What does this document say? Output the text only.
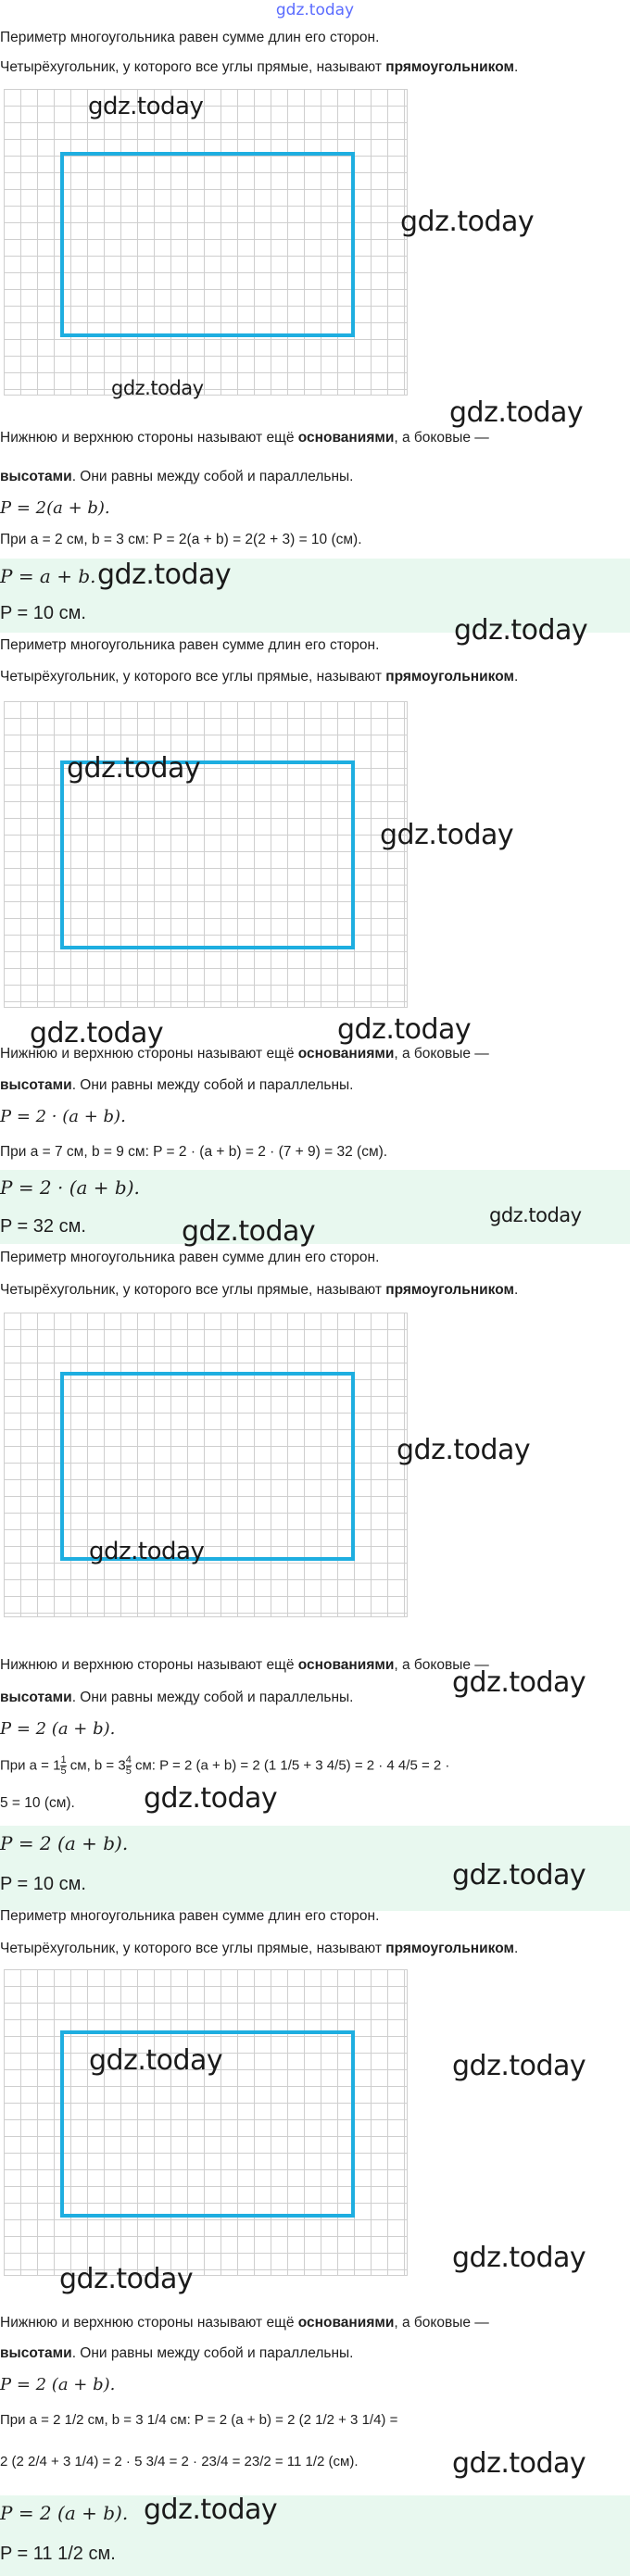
gdz.today
Периметр многоугольника равен сумме длин его сторон.
Четырёхугольник, у которого все углы прямые, называют прямоугольником.
gdz.today
gdz.today
gdz.today
gdz.today
Нижнюю и верхнюю стороны называют ещё основаниями, а боковые —
высотами. Они равны между собой и параллельны.
P = 2(a + b).
При a = 2 см, b = 3 см: P = 2(a + b) = 2(2 + 3) = 10 (см).
P = a + b.
P = 10 см.
gdz.today
gdz.today
Периметр многоугольника равен сумме длин его сторон.
Четырёхугольник, у которого все углы прямые, называют прямоугольником.
gdz.today
gdz.today
gdz.today	gdz.today
Нижнюю и верхнюю стороны называют ещё основаниями, а боковые —
высотами. Они равны между собой и параллельны.
P = 2 · (a + b).
При a = 7 см, b = 9 см: P = 2 · (a + b) = 2 · (7 + 9) = 32 (см).
P = 2 · (a + b).
P = 32 см.	gdz.today	gdz.today
Периметр многоугольника равен сумме длин его сторон.
Четырёхугольник, у которого все углы прямые, называют прямоугольником.
gdz.today
gdz.today
Нижнюю и верхнюю стороны называют ещё основаниями, а боковые —
высотами. Они равны между собой и параллельны.	gdz.today
P = 2 (a + b).
При $a = 1 \frac{1}{5}$ см, $b = 3 \frac{4}{5}$ см: P = 2 (a + b) = 2 (1 1/5 + 3 4/5) = 2 · 4 4/5 = 2 ·
5 = 10 (см). gdz.today
P = 2 (a + b).
P = 10 см.	gdz.today
Периметр многоугольника равен сумме длин его сторон.
Четырёхугольник, у которого все углы прямые, называют прямоугольником.
gdz.today	gdz.today
gdz.today
gdz.today
Нижнюю и верхнюю стороны называют ещё основаниями, а боковые —
высотами. Они равны между собой и параллельны.
P = 2 (a + b).
При a = 2 1/2 см, b = 3 1/4 см: P = 2 (a + b) = 2 (2 1/2 + 3 1/4) =
2 (2 2/4 + 3 1/4) = 2 · 5 3/4 = 2 · 23/4 = 23/2 = 11 1/2 (см).	gdz.today
P = 2 (a + b).
P = 11 1/2 см.
gdz.today
